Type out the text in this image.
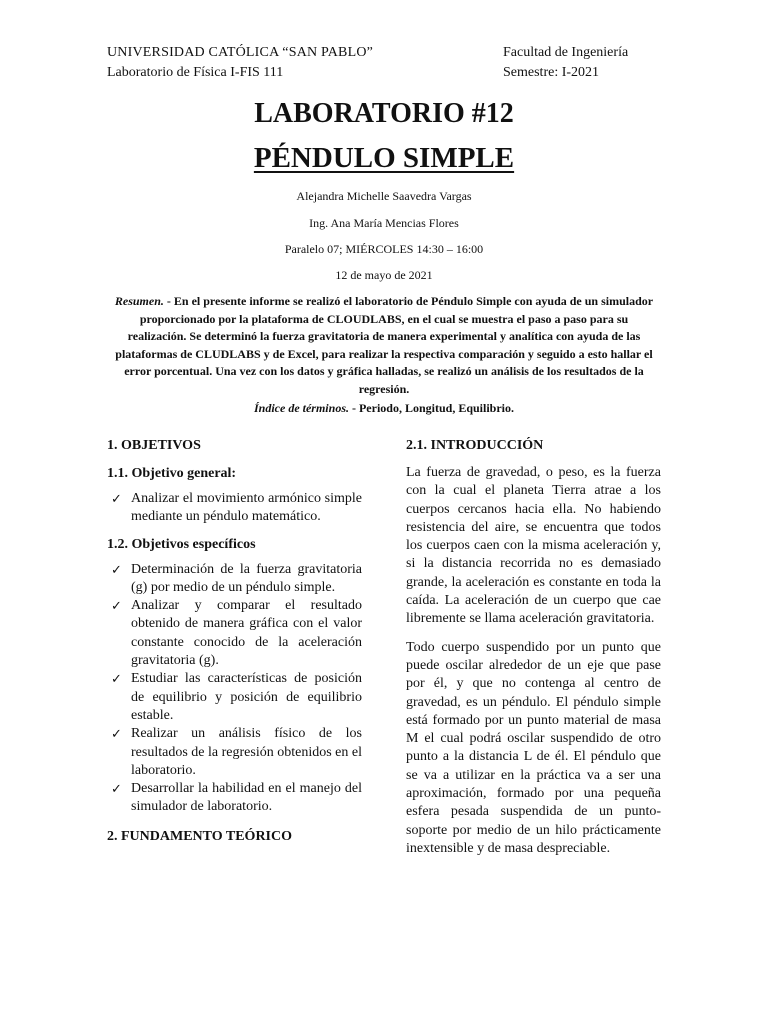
UNIVERSIDAD CATÓLICA “SAN PABLO”
Laboratorio de Física I-FIS 111
Facultad de Ingeniería
Semestre: I-2021
LABORATORIO #12
PÉNDULO SIMPLE
Alejandra Michelle Saavedra Vargas
Ing. Ana María Mencias Flores
Paralelo 07; MIÉRCOLES 14:30 – 16:00
12 de mayo de 2021
Resumen. - En el presente informe se realizó el laboratorio de Péndulo Simple con ayuda de un simulador proporcionado por la plataforma de CLOUDLABS, en el cual se muestra el paso a paso para su realización. Se determinó la fuerza gravitatoria de manera experimental y analítica con ayuda de las plataformas de CLUDLABS y de Excel, para realizar la respectiva comparación y seguido a esto hallar el error porcentual. Una vez con los datos y gráfica halladas, se realizó un análisis de los resultados de la regresión.
Índice de términos. - Periodo, Longitud, Equilibrio.
1. OBJETIVOS
1.1. Objetivo general:
✓ Analizar el movimiento armónico simple mediante un péndulo matemático.
1.2. Objetivos específicos
✓ Determinación de la fuerza gravitatoria (g) por medio de un péndulo simple.
✓ Analizar y comparar el resultado obtenido de manera gráfica con el valor constante conocido de la aceleración gravitatoria (g).
✓ Estudiar las características de posición de equilibrio y posición de equilibrio estable.
✓ Realizar un análisis físico de los resultados de la regresión obtenidos en el laboratorio.
✓ Desarrollar la habilidad en el manejo del simulador de laboratorio.
2. FUNDAMENTO TEÓRICO
2.1. INTRODUCCIÓN

La fuerza de gravedad, o peso, es la fuerza con la cual el planeta Tierra atrae a los cuerpos cercanos hacia ella. No habiendo resistencia del aire, se encuentra que todos los cuerpos caen con la misma aceleración y, si la distancia recorrida no es demasiado grande, la aceleración es constante en toda la caída. La aceleración de un cuerpo que cae libremente se llama aceleración gravitatoria.

Todo cuerpo suspendido por un punto que puede oscilar alrededor de un eje que pase por él, y que no contenga al centro de gravedad, es un péndulo. El péndulo simple está formado por un punto material de masa M el cual podrá oscilar suspendido de otro punto a la distancia L de él. El péndulo que se va a utilizar en la práctica va a ser una aproximación, formado por una pequeña esfera pesada suspendida de un punto-soporte por medio de un hilo prácticamente inextensible y de masa despreciable.
